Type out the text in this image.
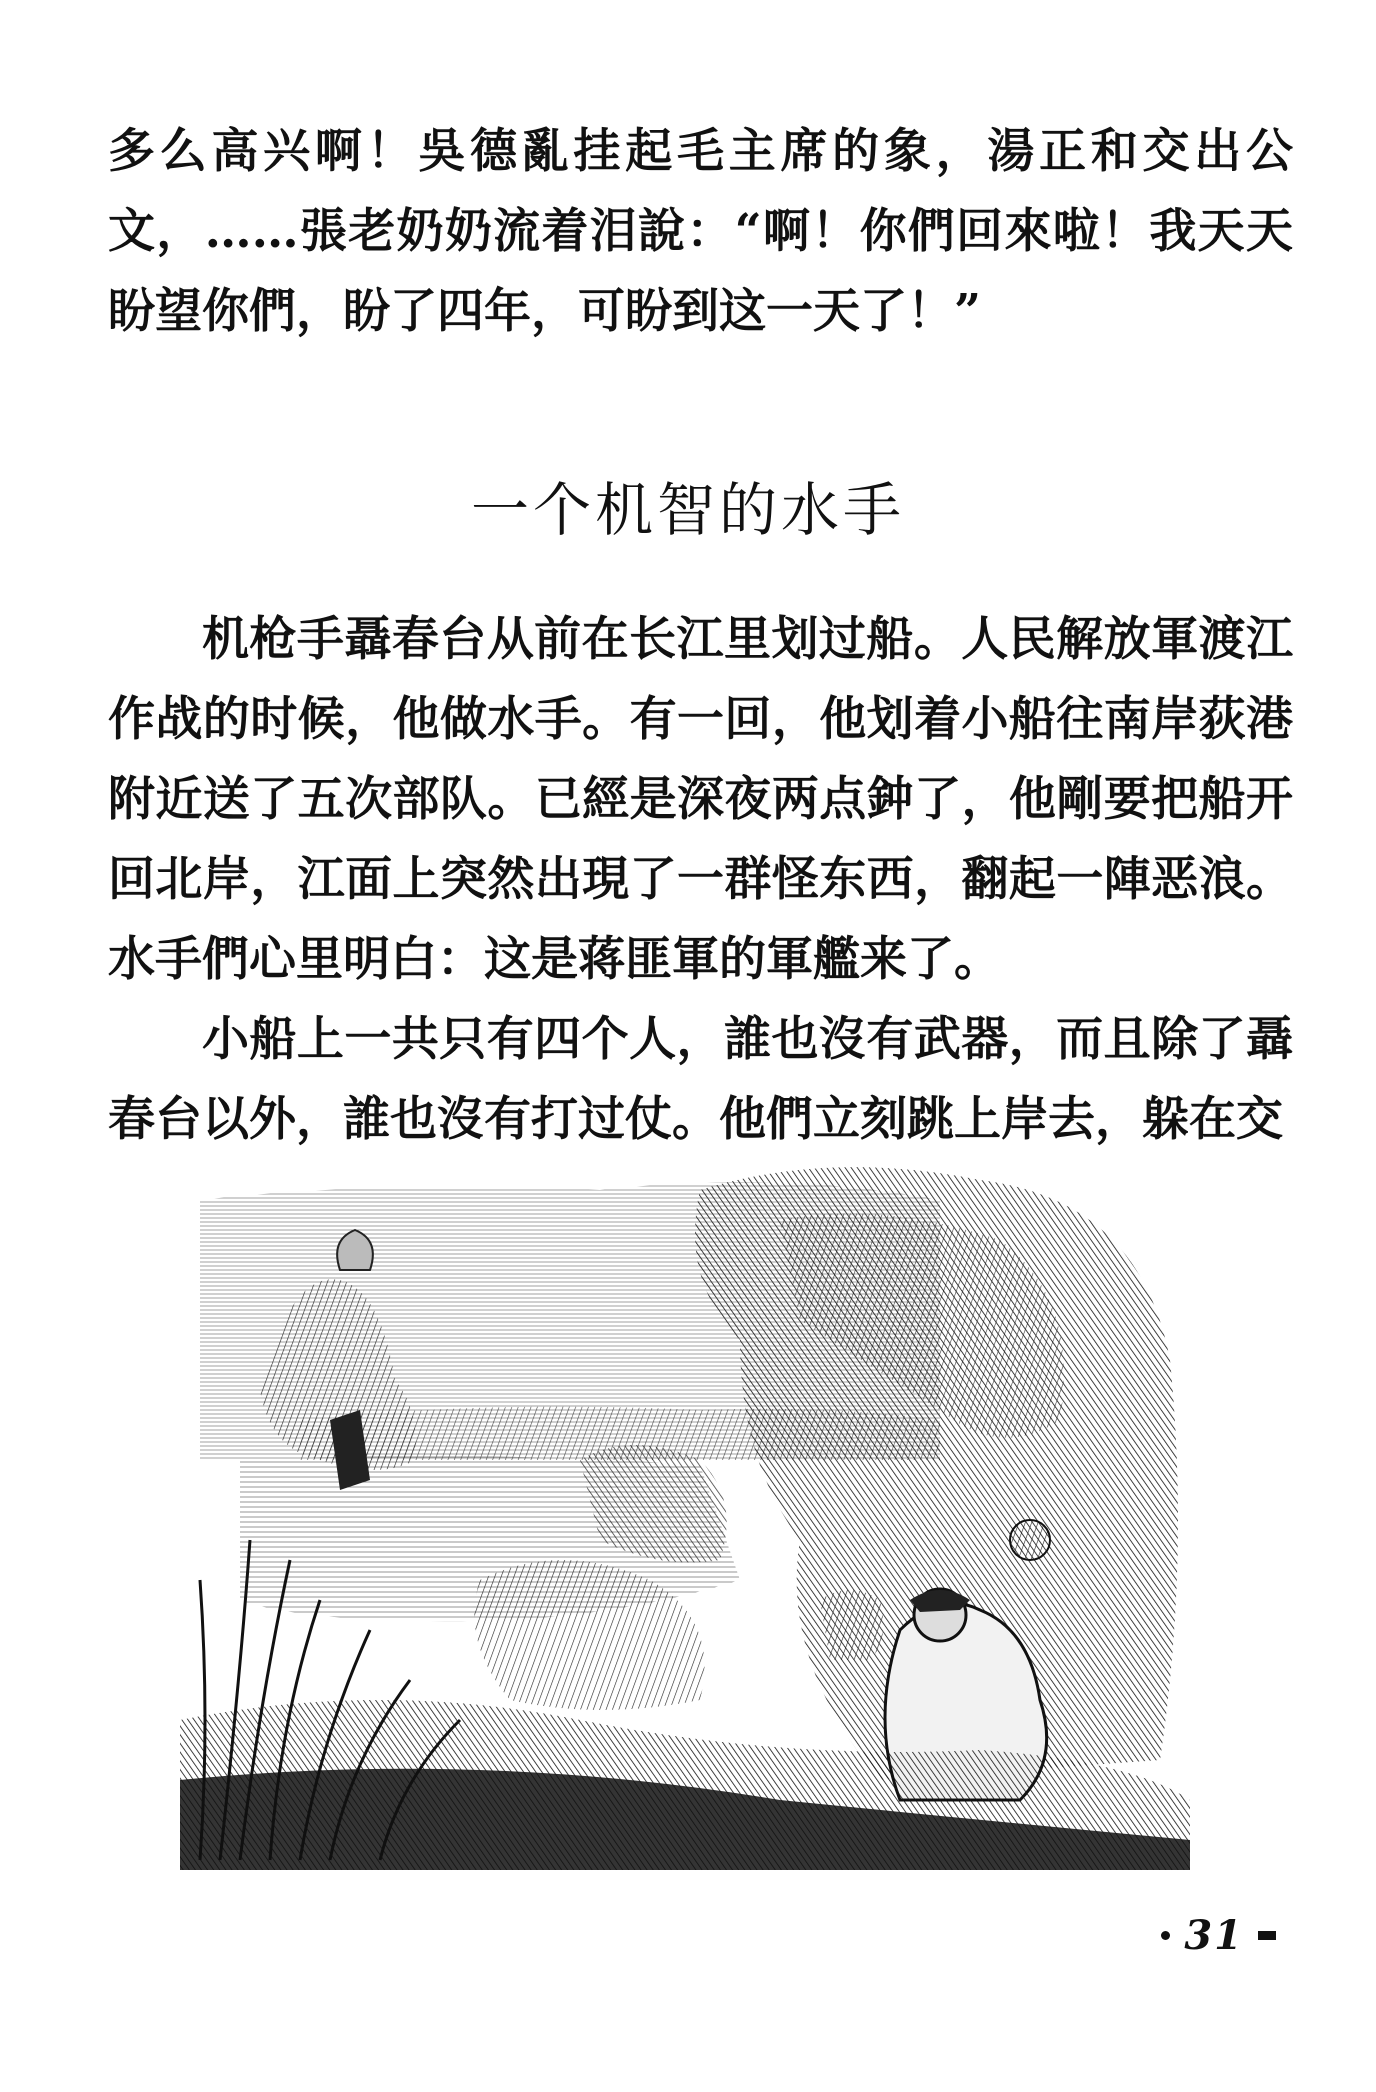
多么高兴啊！吳德亂挂起毛主席的象，湯正和交出公文，……張老奶奶流着泪說：“啊！你們回來啦！我天天盼望你們，盼了四年，可盼到这一天了！”

一个机智的水手

机枪手聶春台从前在长江里划过船。人民解放軍渡江作战的时候，他做水手。有一回，他划着小船往南岸荻港附近送了五次部队。已經是深夜两点鈡了，他剛要把船开回北岸，江面上突然出現了一群怪东西，翻起一陣恶浪。水手們心里明白：这是蒋匪軍的軍艦来了。

小船上一共只有四个人，誰也沒有武器，而且除了聶春台以外，誰也沒有打过仗。他們立刻跳上岸去，躲在交

31
